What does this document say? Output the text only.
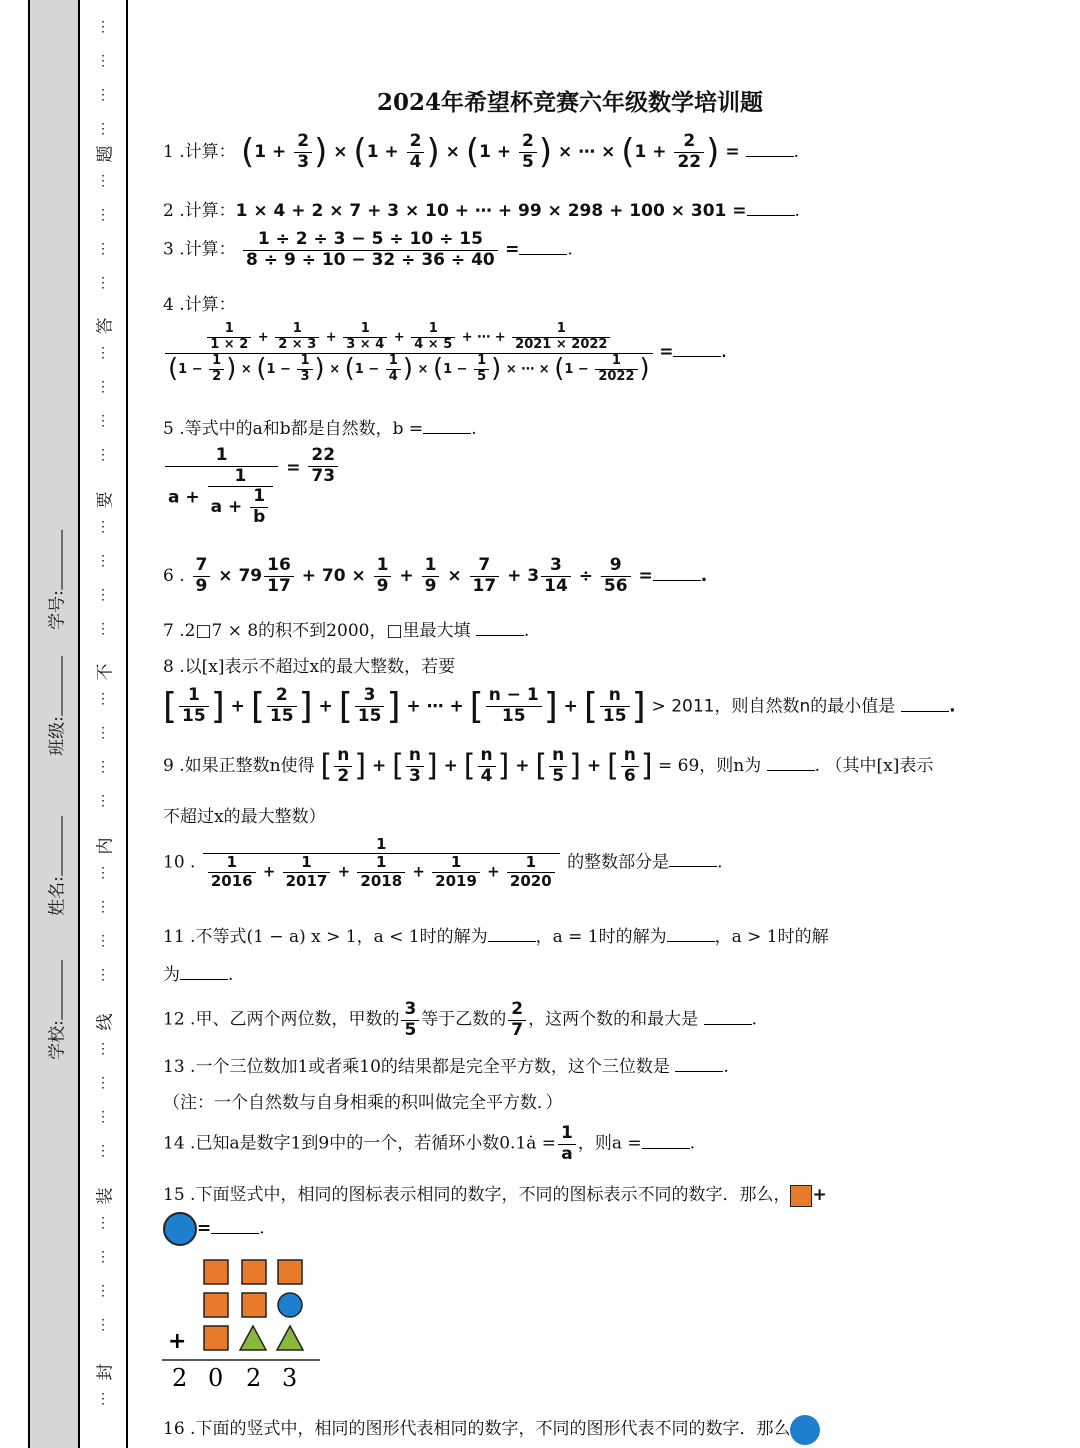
学校:
姓名:
班级:
学号:
题
答
要
不
内
线
装
封
⋮
⋮
⋮
⋮
⋮
⋮
⋮
⋮
⋮
⋮
⋮
⋮
⋮
⋮
⋮
⋮
⋮
⋮
⋮
⋮
⋮
⋮
⋮
⋮
⋮
⋮
⋮
⋮
⋮
⋮
⋮
⋮
⋮
2024年希望杯竞赛六年级数学培训题
1 .计算： ($1 + \frac{2}{3}$ ) × ($1 + \frac{2}{4}$ ) × ($1 + \frac{2}{5}$ ) × ⋯ × ($1 + \frac{2}{22}$ ) =	.
2 .计算：1 × 4 + 2 × 7 + 3 × 10 + ⋯ + 99 × 298 + 100 × 301 =	.
3 .计算： $\frac{1 \div 2 \div 3 - 5 \div 10 \div 15}{8 \div 9 \div 10 - 32 \div 36 \div 40}$ =	.
4 .计算：
$\frac{1}{1 \times 2} + \frac{1}{2 \times 3} + \frac{1}{3 \times 4} + \frac{1}{4 \times 5}$ + ⋯ + $\frac{1}{2021 \times 2022}$
($1 - \frac{1}{2}$ ) × ($1 - \frac{1}{3}$ ) × ($1 - \frac{1}{4}$ ) × ($1 - \frac{1}{5}$ ) × ⋯ × ($1 - \frac{1}{2022}$ )
=	.
5 .等式中的a和b都是自然数，b =	.
$\frac{1}{a + \frac{1}{a + \frac{1}{b}}} = \frac{22}{73}$
6 . $\frac{7}{9} \times 79 \frac{16}{17} + 70 \times \frac{1}{9} + \frac{1}{9} \times \frac{7}{17} + 3 \frac{3}{14} \div \frac{9}{56}$ =	.
7 .2□7 × 8的积不到2000，□里最大填	.
8 .以[x]表示不超过x的最大整数，若要
[ $\frac{1}{15}$ ] + [ $\frac{2}{15}$ ] + [ $\frac{3}{15}$ ] + ⋯ + [ $\frac{n - 1}{15}$ ] + [ $\frac{n}{15}$ ] > 2011，则自然数n的最小值是	.
9 .如果正整数n使得 [ $\frac{n}{2}$ ] + [ $\frac{n}{3}$ ] + [ $\frac{n}{4}$ ] + [ $\frac{n}{5}$ ] + [ $\frac{n}{6}$ ] = 69，则n为	. （其中[x]表示
不超过x的最大整数）
10 .
1
$\frac{1}{2016} + \frac{1}{2017} + \frac{1}{2018} + \frac{1}{2019} + \frac{1}{2020}$ 的整数部分是	.
11 .不等式(1 − a) x > 1，a < 1时的解为	，a = 1时的解为	，a > 1时的解
为	.
12 .甲、乙两个两位数，甲数的 $\frac{3}{5}$ 等于乙数的 $\frac{2}{7}$ ，这两个数的和最大是	.
13 .一个三位数加1或者乘10的结果都是完全平方数，这个三位数是	.
（注：一个自然数与自身相乘的积叫做完全平方数．）
14 .已知a是数字1到9中的一个，若循环小数0.1ȧ = $\frac{1}{a}$ ，则a =	.
15 .下面竖式中，相同的图标表示相同的数字，不同的图标表示不同的数字．那么， +
=	.
+
2 0 2 3
16 .下面的竖式中，相同的图形代表相同的数字，不同的图形代表不同的数字．那么
